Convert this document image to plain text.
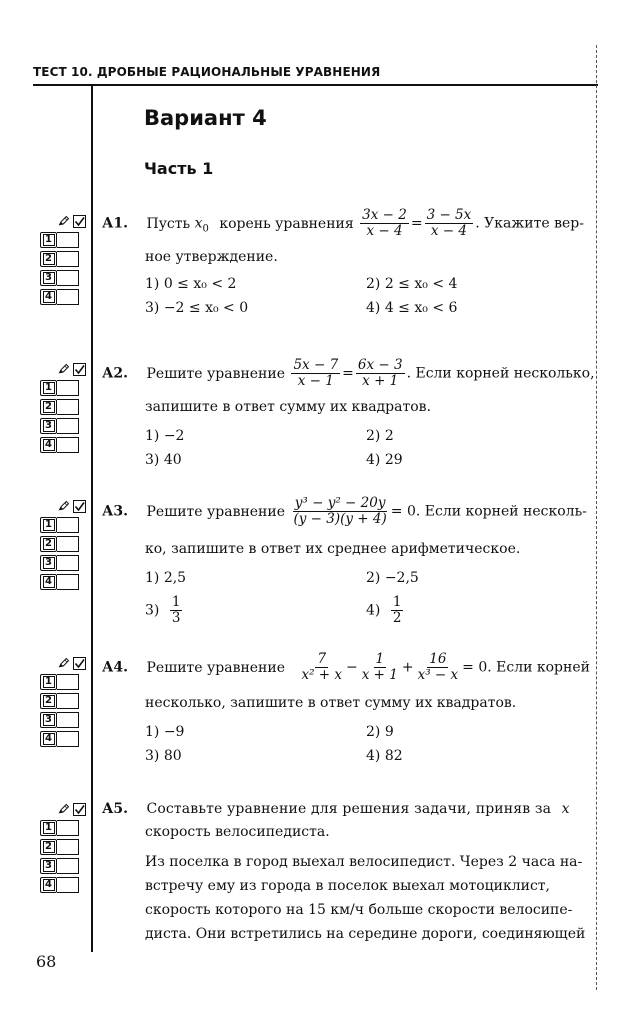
ТЕСТ 10. ДРОБНЫЕ РАЦИОНАЛЬНЫЕ УРАВНЕНИЯ
Вариант 4
Часть 1
68
1
2
3
4
1
2
3
4
1
2
3
4
1
2
3
4
1
2
3
4
А1. Пусть $x_0$ корень уравнения $\frac{3x - 2}{x - 4} = \frac{3 - 5x}{x - 4}$ . Укажите вер-
ное утверждение.
1) 0 ≤ x₀ < 2	2) 2 ≤ x₀ < 4
3) −2 ≤ x₀ < 0	4) 4 ≤ x₀ < 6
А2. Решите уравнение $\frac{5x - 7}{x - 1} = \frac{6x - 3}{x + 1}$ . Если корней несколько,
запишите в ответ сумму их квадратов.
1) −2	2) 2
3) 40	4) 29
А3. Решите уравнение $\frac{\text{y³ − y² − 20y}}{(y - 3)(y + 4)} = 0$. Если корней несколь-
ко, запишите в ответ их среднее арифметическое.
1) 2,5	2) −2,5
$3) \frac{1}{3}$	$4) \frac{1}{2}$
А4. Решите уравнение $\frac{7}{\text{x² + x}} - \frac{1}{x + 1} + \frac{16}{\text{x³ − x}} = 0$. Если корней
несколько, запишите в ответ сумму их квадратов.
1) −9	2) 9
3) 80	4) 82
А5. Составьте уравнение для решения задачи, приняв за x
скорость велосипедиста.
Из поселка в город выехал велосипедист. Через 2 часа на-
встречу ему из города в поселок выехал мотоциклист,
скорость которого на 15 км/ч больше скорости велосипе-
диста. Они встретились на середине дороги, соединяющей
